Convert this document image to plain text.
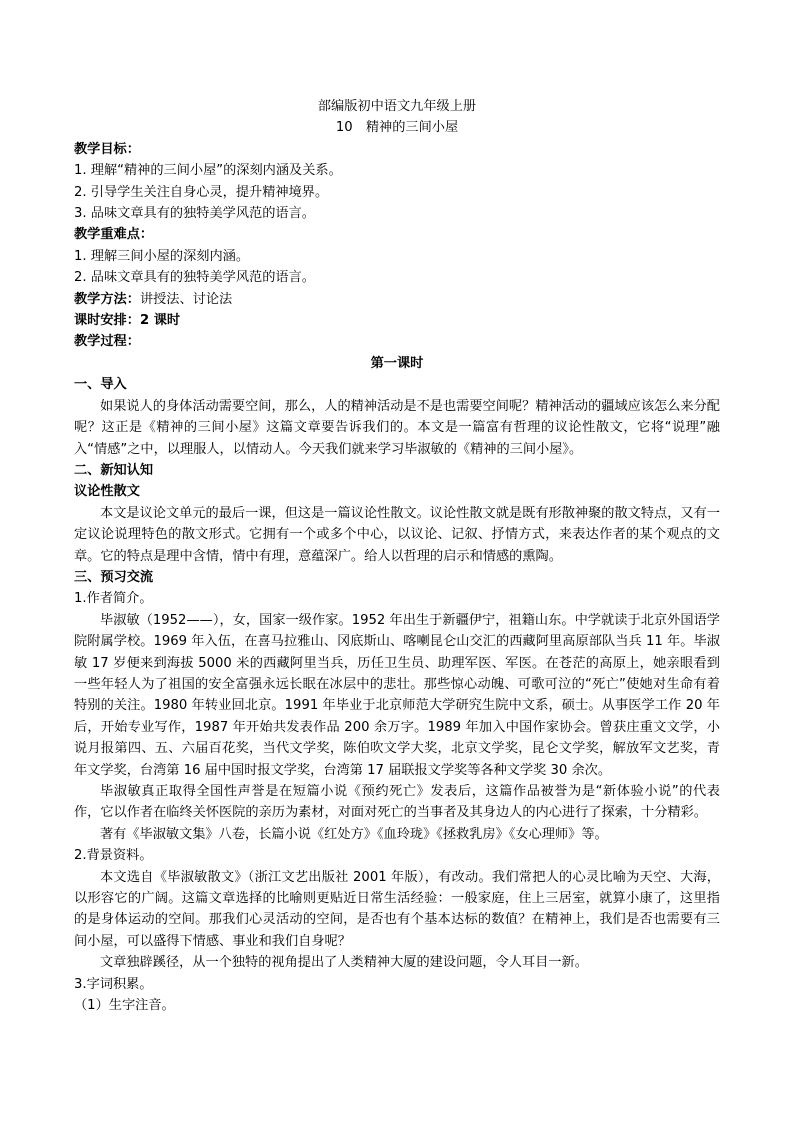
部编版初中语文九年级上册
10　精神的三间小屋
教学目标：
1. 理解“精神的三间小屋”的深刻内涵及关系。
2. 引导学生关注自身心灵，提升精神境界。
3. 品味文章具有的独特美学风范的语言。
教学重难点：
1. 理解三间小屋的深刻内涵。
2. 品味文章具有的独特美学风范的语言。
教学方法：讲授法、讨论法
课时安排：2 课时
教学过程：
第一课时
一、导入
如果说人的身体活动需要空间，那么，人的精神活动是不是也需要空间呢？精神活动的疆域应该怎么来分配呢？这正是《精神的三间小屋》这篇文章要告诉我们的。本文是一篇富有哲理的议论性散文，它将“说理”融入“情感”之中，以理服人，以情动人。今天我们就来学习毕淑敏的《精神的三间小屋》。
二、新知认知
议论性散文
本文是议论文单元的最后一课，但这是一篇议论性散文。议论性散文就是既有形散神聚的散文特点，又有一定议论说理特色的散文形式。它拥有一个或多个中心，以议论、记叙、抒情方式，来表达作者的某个观点的文章。它的特点是理中含情，情中有理，意蕴深广。给人以哲理的启示和情感的熏陶。
三、预习交流
1.作者简介。
毕淑敏（1952——），女，国家一级作家。1952 年出生于新疆伊宁，祖籍山东。中学就读于北京外国语学院附属学校。1969 年入伍，在喜马拉雅山、冈底斯山、喀喇昆仑山交汇的西藏阿里高原部队当兵 11 年。毕淑敏 17 岁便来到海拔 5000 米的西藏阿里当兵，历任卫生员、助理军医、军医。在苍茫的高原上，她亲眼看到一些年轻人为了祖国的安全富强永远长眠在冰层中的悲壮。那些惊心动魄、可歌可泣的“死亡”使她对生命有着特别的关注。1980 年转业回北京。1991 年毕业于北京师范大学研究生院中文系，硕士。从事医学工作 20 年后，开始专业写作，1987 年开始共发表作品 200 余万字。1989 年加入中国作家协会。曾获庄重文文学，小说月报第四、五、六届百花奖，当代文学奖，陈伯吹文学大奖，北京文学奖，昆仑文学奖，解放军文艺奖，青年文学奖，台湾第 16 届中国时报文学奖，台湾第 17 届联报文学奖等各种文学奖 30 余次。
毕淑敏真正取得全国性声誉是在短篇小说《预约死亡》发表后，这篇作品被誉为是“新体验小说”的代表作，它以作者在临终关怀医院的亲历为素材，对面对死亡的当事者及其身边人的内心进行了探索，十分精彩。
著有《毕淑敏文集》八卷，长篇小说《红处方》《血玲珑》《拯救乳房》《女心理师》等。
2.背景资料。
本文选自《毕淑敏散文》（浙江文艺出版社 2001 年版），有改动。我们常把人的心灵比喻为天空、大海，以形容它的广阔。这篇文章选择的比喻则更贴近日常生活经验：一般家庭，住上三居室，就算小康了，这里指的是身体运动的空间。那我们心灵活动的空间，是否也有个基本达标的数值？在精神上，我们是否也需要有三间小屋，可以盛得下情感、事业和我们自身呢？
文章独辟蹊径，从一个独特的视角提出了人类精神大厦的建设问题，令人耳目一新。
3.字词积累。
（1）生字注音。
